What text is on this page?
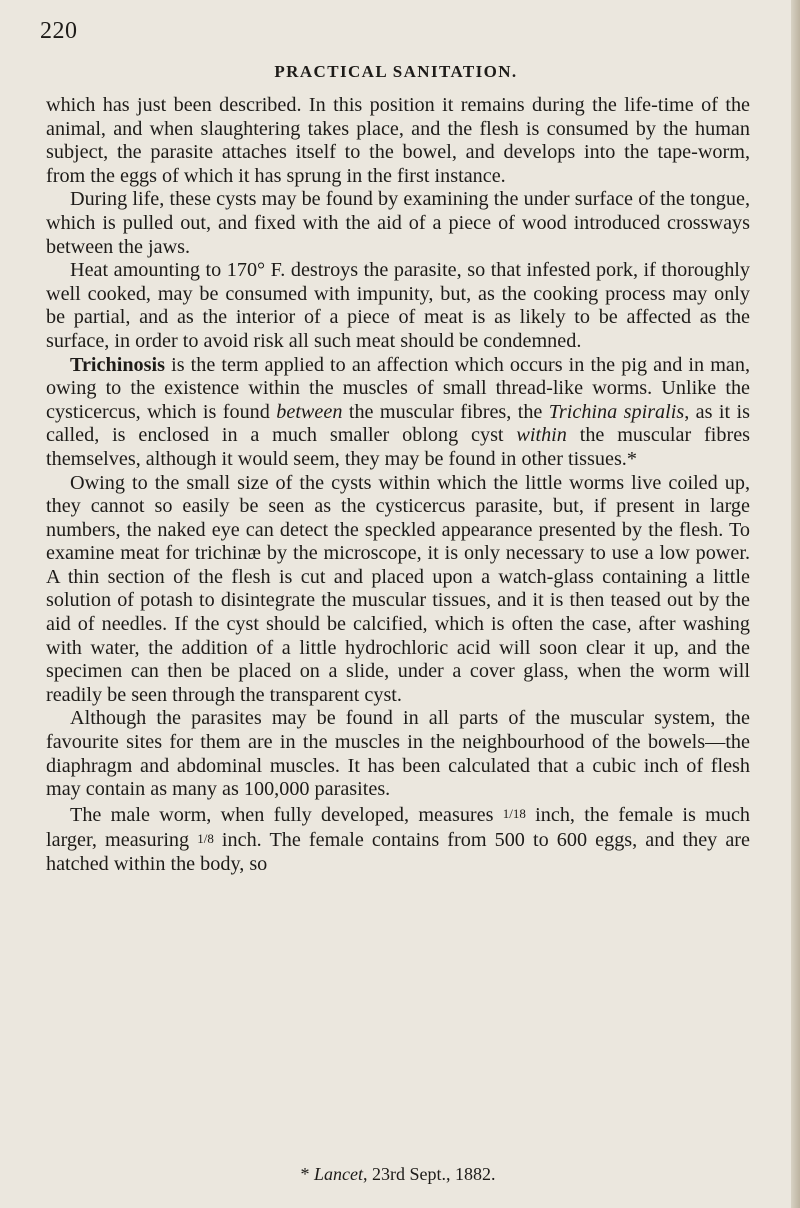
220
PRACTICAL SANITATION.

which has just been described. In this position it remains during the life-time of the animal, and when slaughtering takes place, and the flesh is consumed by the human subject, the parasite attaches itself to the bowel, and develops into the tape-worm, from the eggs of which it has sprung in the first instance.

During life, these cysts may be found by examining the under surface of the tongue, which is pulled out, and fixed with the aid of a piece of wood introduced crossways between the jaws.

Heat amounting to 170° F. destroys the parasite, so that infested pork, if thoroughly well cooked, may be consumed with impunity, but, as the cooking process may only be partial, and as the interior of a piece of meat is as likely to be affected as the surface, in order to avoid risk all such meat should be condemned.

Trichinosis is the term applied to an affection which occurs in the pig and in man, owing to the existence within the muscles of small thread-like worms. Unlike the cysticercus, which is found between the muscular fibres, the Trichina spiralis, as it is called, is enclosed in a much smaller oblong cyst within the muscular fibres themselves, although it would seem, they may be found in other tissues.*

Owing to the small size of the cysts within which the little worms live coiled up, they cannot so easily be seen as the cysticercus parasite, but, if present in large numbers, the naked eye can detect the speckled appearance presented by the flesh. To examine meat for trichinæ by the microscope, it is only necessary to use a low power. A thin section of the flesh is cut and placed upon a watch-glass containing a little solution of potash to disintegrate the muscular tissues, and it is then teased out by the aid of needles. If the cyst should be calcified, which is often the case, after washing with water, the addition of a little hydrochloric acid will soon clear it up, and the specimen can then be placed on a slide, under a cover glass, when the worm will readily be seen through the transparent cyst.

Although the parasites may be found in all parts of the muscular system, the favourite sites for them are in the muscles in the neighbourhood of the bowels—the diaphragm and abdominal muscles. It has been calculated that a cubic inch of flesh may contain as many as 100,000 parasites.

The male worm, when fully developed, measures 1/18 inch, the female is much larger, measuring 1/8 inch. The female contains from 500 to 600 eggs, and they are hatched within the body, so

* Lancet, 23rd Sept., 1882.
